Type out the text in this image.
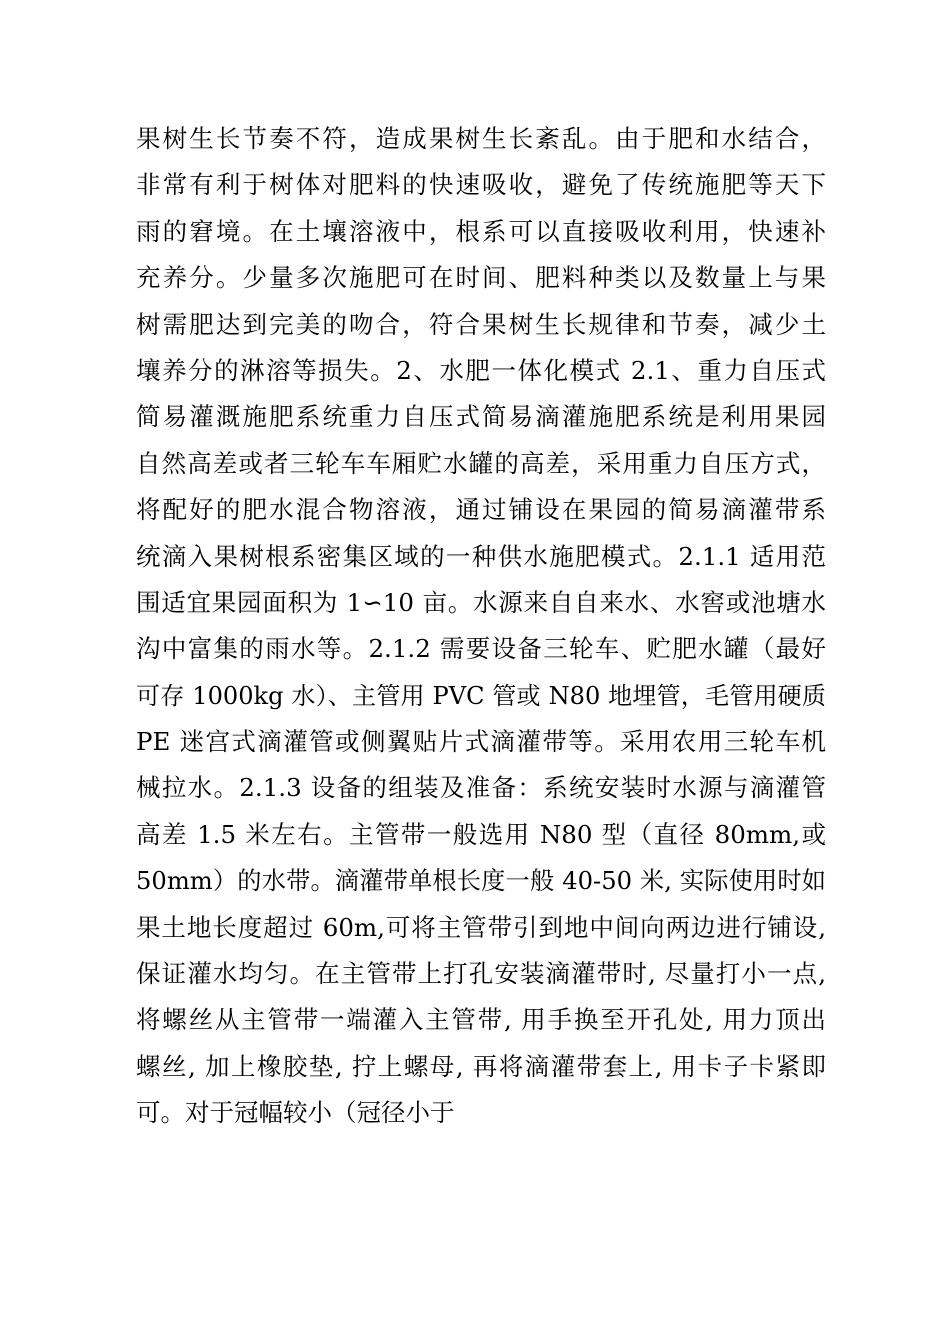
果树生长节奏不符，造成果树生长紊乱。由于肥和水结合，
非常有利于树体对肥料的快速吸收，避免了传统施肥等天下
雨的窘境。在土壤溶液中，根系可以直接吸收利用，快速补
充养分。少量多次施肥可在时间、肥料种类以及数量上与果
树需肥达到完美的吻合，符合果树生长规律和节奏，减少土
壤养分的淋溶等损失。2、水肥一体化模式 2.1、重力自压式
简易灌溉施肥系统重力自压式简易滴灌施肥系统是利用果园
自然高差或者三轮车车厢贮水罐的高差，采用重力自压方式，
将配好的肥水混合物溶液，通过铺设在果园的简易滴灌带系
统滴入果树根系密集区域的一种供水施肥模式。2.1.1 适用范
围适宜果园面积为 1∽10 亩。水源来自自来水、水窖或池塘水
沟中富集的雨水等。2.1.2 需要设备三轮车、贮肥水罐（最好
可存 1000kg 水）、主管用 PVC 管或 N80 地埋管，毛管用硬质
PE 迷宫式滴灌管或侧翼贴片式滴灌带等。采用农用三轮车机
械拉水。2.1.3 设备的组装及准备：系统安装时水源与滴灌管
高差 1.5 米左右。主管带一般选用 N80 型（直径 80mm,或
50mm）的水带。滴灌带单根长度一般 40-50 米, 实际使用时如
果土地长度超过 60m,可将主管带引到地中间向两边进行铺设,
保证灌水均匀。在主管带上打孔安装滴灌带时, 尽量打小一点,
将螺丝从主管带一端灌入主管带, 用手换至开孔处, 用力顶出
螺丝, 加上橡胶垫, 拧上螺母, 再将滴灌带套上, 用卡子卡紧即
可。对于冠幅较小（冠径小于
